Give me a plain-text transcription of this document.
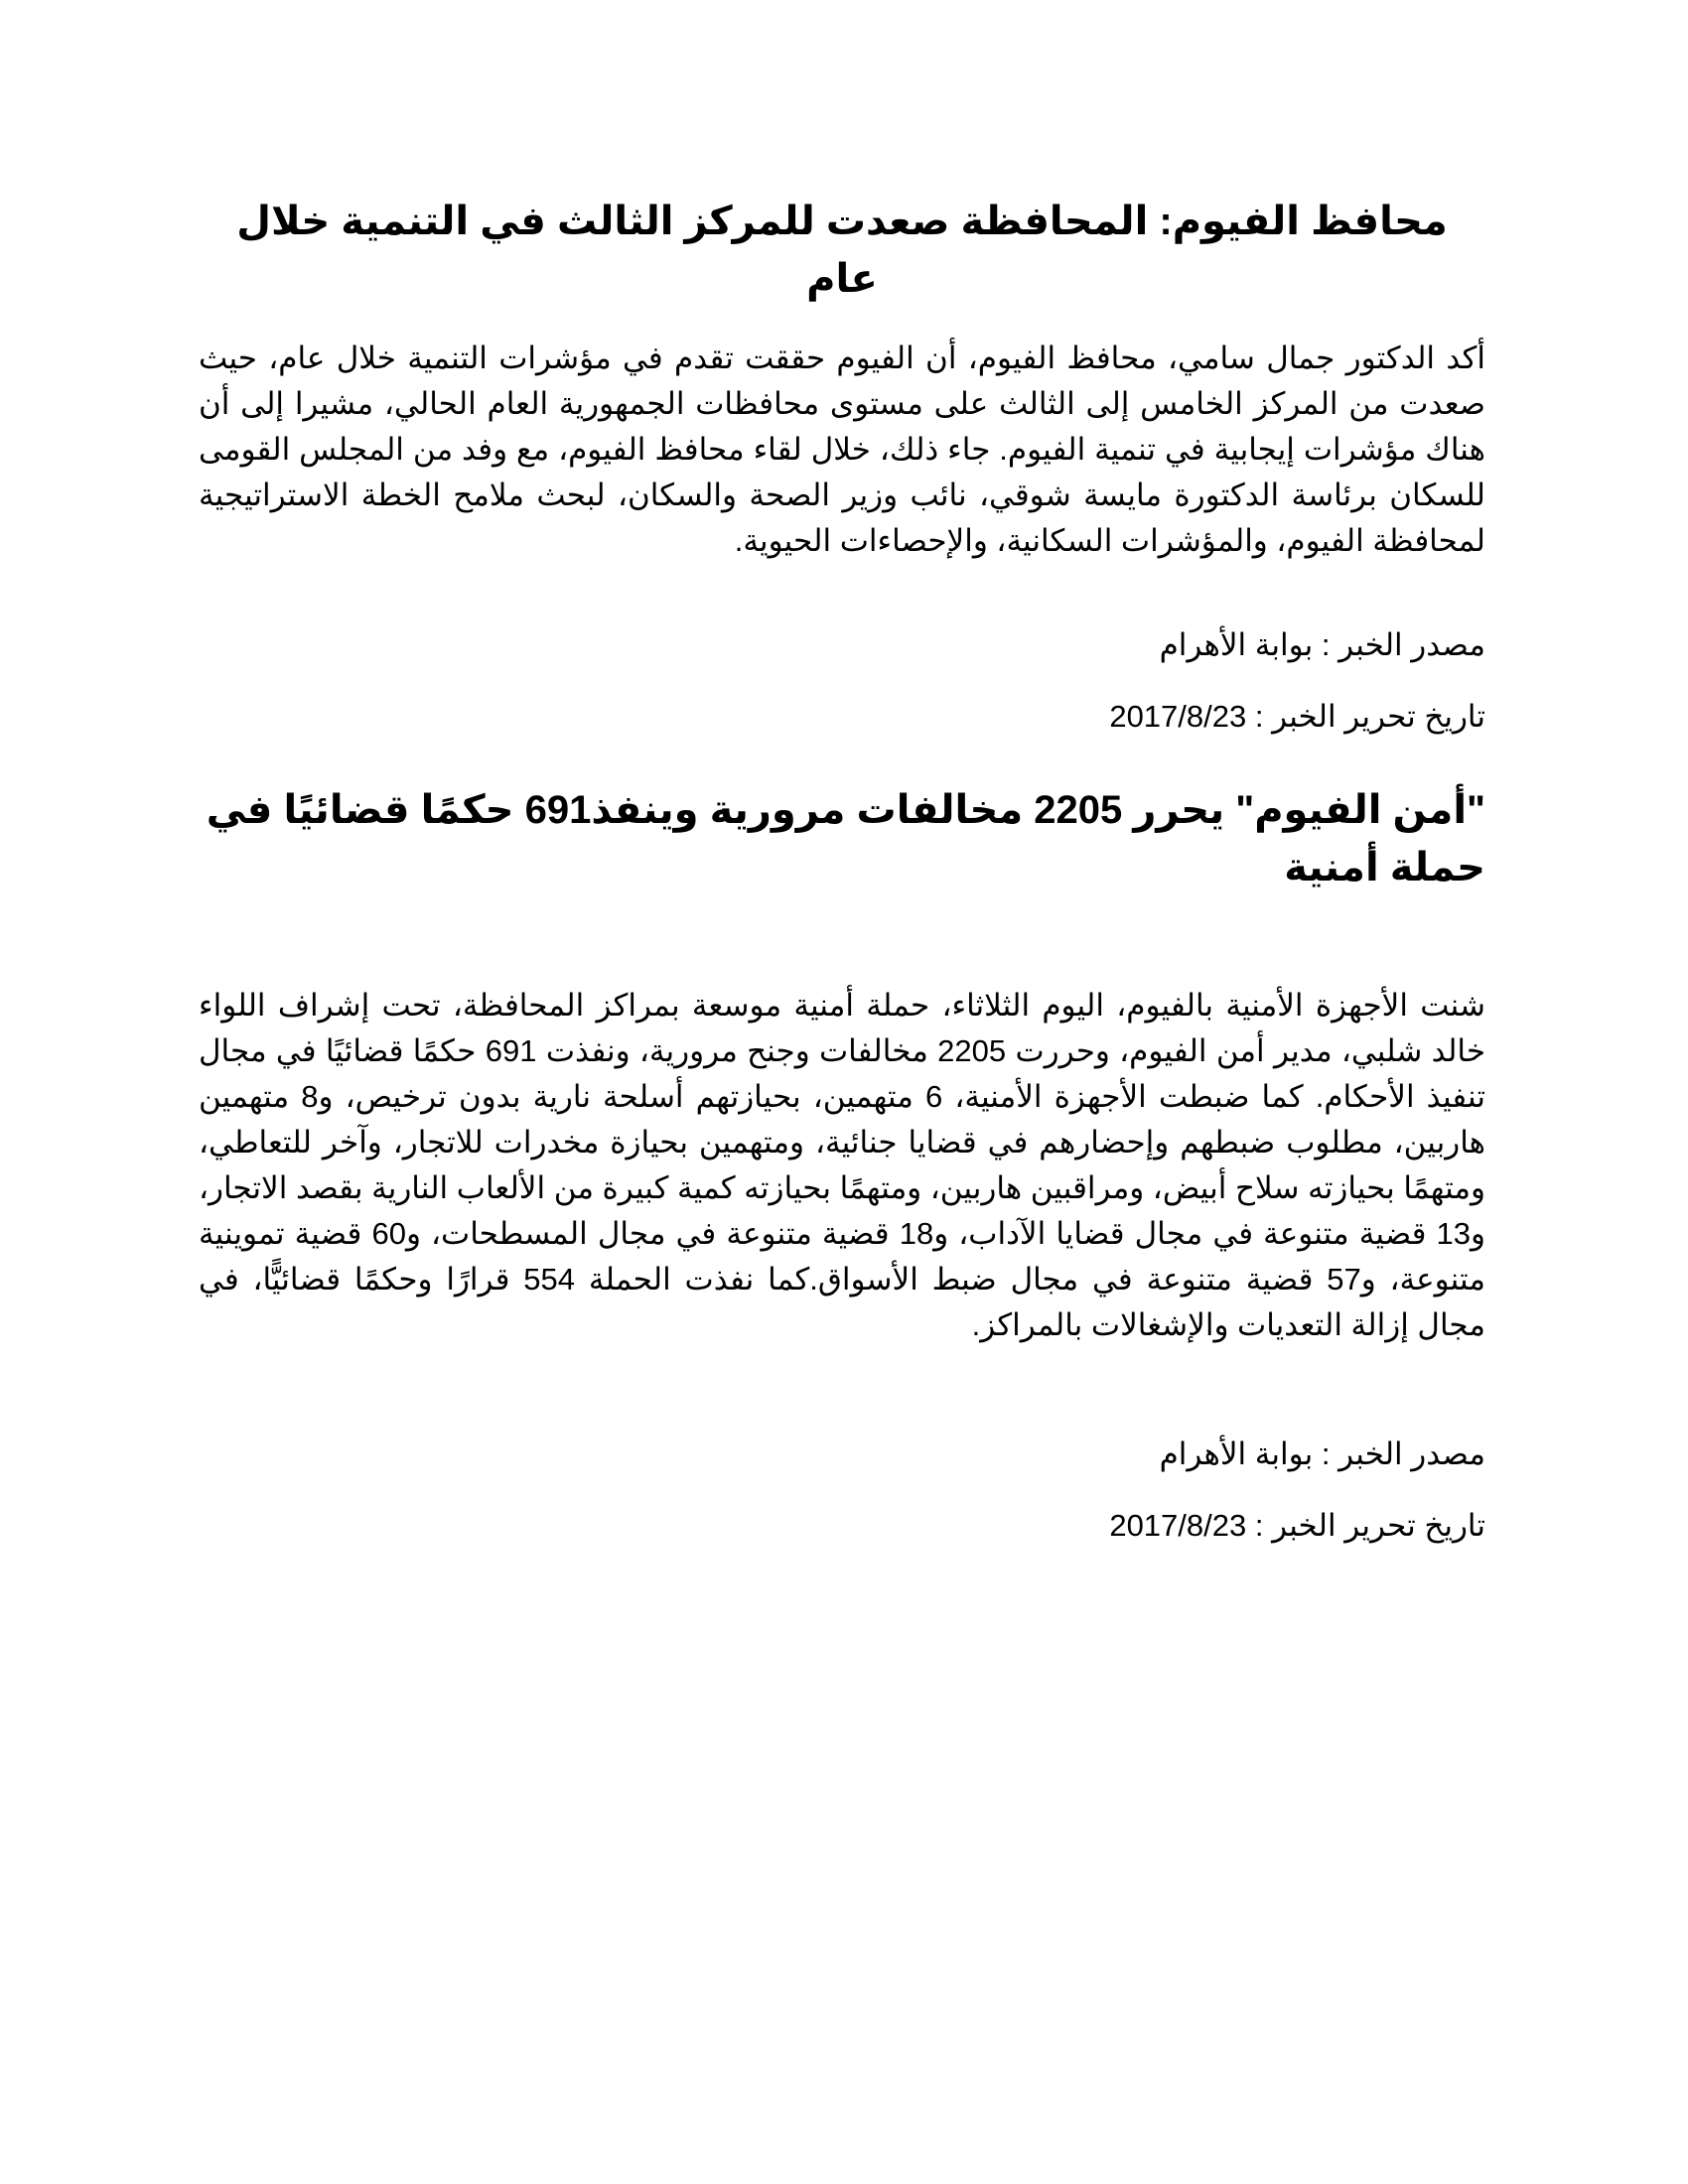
محافظ الفيوم: المحافظة صعدت للمركز الثالث في التنمية خلال عام

أكد الدكتور جمال سامي، محافظ الفيوم، أن الفيوم حققت تقدم في مؤشرات التنمية خلال عام، حيث صعدت من المركز الخامس إلى الثالث على مستوى محافظات الجمهورية العام الحالي، مشيرا إلى أن هناك مؤشرات إيجابية في تنمية الفيوم. جاء ذلك، خلال لقاء محافظ الفيوم، مع وفد من المجلس القومى للسكان برئاسة الدكتورة مايسة شوقي، نائب وزير الصحة والسكان، لبحث ملامح الخطة الاستراتيجية لمحافظة الفيوم، والمؤشرات السكانية، والإحصاءات الحيوية.

مصدر الخبر : بوابة الأهرام

تاريخ تحرير الخبر : 2017/8/23

"أمن الفيوم" يحرر 2205 مخالفات مرورية وينفذ691 حكمًا قضائيًا في حملة أمنية

شنت الأجهزة الأمنية بالفيوم، اليوم الثلاثاء، حملة أمنية موسعة بمراكز المحافظة، تحت إشراف اللواء خالد شلبي، مدير أمن الفيوم، وحررت 2205 مخالفات وجنح مرورية، ونفذت 691 حكمًا قضائيًا في مجال تنفيذ الأحكام. كما ضبطت الأجهزة الأمنية، 6 متهمين، بحيازتهم أسلحة نارية بدون ترخيص، و8 متهمين هاربين، مطلوب ضبطهم وإحضارهم في قضايا جنائية، ومتهمين بحيازة مخدرات للاتجار، وآخر للتعاطي، ومتهمًا بحيازته سلاح أبيض، ومراقبين هاربين، ومتهمًا بحيازته كمية كبيرة من الألعاب النارية بقصد الاتجار، و13 قضية متنوعة في مجال قضايا الآداب، و18 قضية متنوعة في مجال المسطحات، و60 قضية تموينية متنوعة، و57 قضية متنوعة في مجال ضبط الأسواق.كما نفذت الحملة 554 قرارًا وحكمًا قضائيًّا، في مجال إزالة التعديات والإشغالات بالمراكز.

مصدر الخبر : بوابة الأهرام

تاريخ تحرير الخبر : 2017/8/23
